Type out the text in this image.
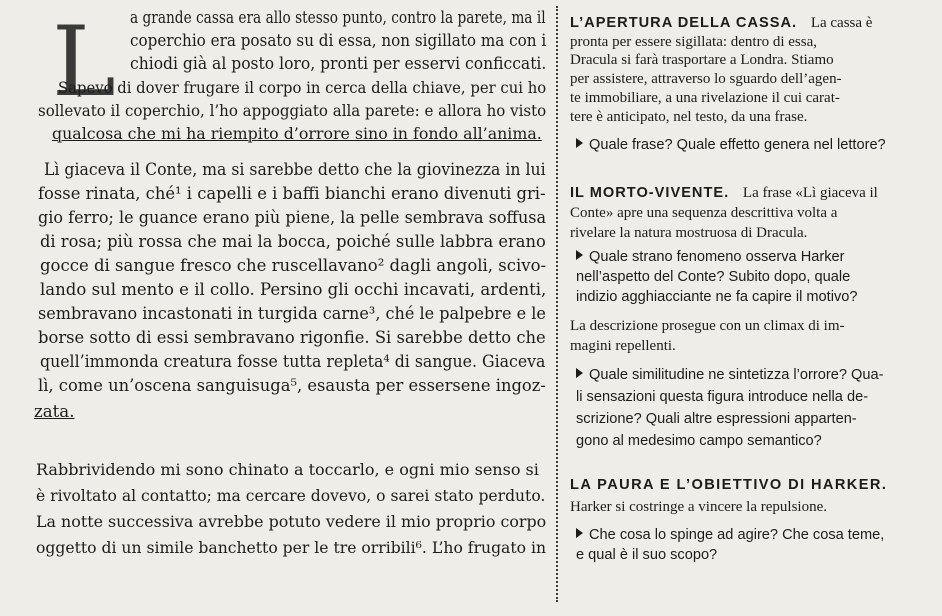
L a grande cassa era allo stesso punto, contro la parete, ma il
coperchio era posato su di essa, non sigillato ma con i
chiodi già al posto loro, pronti per esservi conficcati.
Sapevo di dover frugare il corpo in cerca della chiave, per cui ho
sollevato il coperchio, l’ho appoggiato alla parete: e allora ho visto
qualcosa che mi ha riempito d’orrore sino in fondo all’anima.
Lì giaceva il Conte, ma si sarebbe detto che la giovinezza in lui
fosse rinata, ché¹ i capelli e i baffi bianchi erano divenuti gri-
gio ferro; le guance erano più piene, la pelle sembrava soffusa
di rosa; più rossa che mai la bocca, poiché sulle labbra erano
gocce di sangue fresco che ruscellavano² dagli angoli, scivo-
lando sul mento e il collo. Persino gli occhi incavati, ardenti,
sembravano incastonati in turgida carne³, ché le palpebre e le
borse sotto di essi sembravano rigonfie. Si sarebbe detto che
quell’immonda creatura fosse tutta repleta⁴ di sangue. Giaceva
lì, come un’oscena sanguisuga⁵, esausta per essersene ingoz-
zata.
Rabbrividendo mi sono chinato a toccarlo, e ogni mio senso si
è rivoltato al contatto; ma cercare dovevo, o sarei stato perduto.
La notte successiva avrebbe potuto vedere il mio proprio corpo
oggetto di un simile banchetto per le tre orribili⁶. L’ho frugato in
L’APERTURA DELLA CASSA. La cassa è
pronta per essere sigillata: dentro di essa,
Dracula si farà trasportare a Londra. Stiamo
per assistere, attraverso lo sguardo dell’agen-
te immobiliare, a una rivelazione il cui carat-
tere è anticipato, nel testo, da una frase.
Quale frase? Quale effetto genera nel lettore?
IL MORTO-VIVENTE. La frase «Lì giaceva il
Conte» apre una sequenza descrittiva volta a
rivelare la natura mostruosa di Dracula.
Quale strano fenomeno osserva Harker
nell’aspetto del Conte? Subito dopo, quale
indizio agghiacciante ne fa capire il motivo?
La descrizione prosegue con un climax di im-
magini repellenti.
Quale similitudine ne sintetizza l’orrore? Qua-
li sensazioni questa figura introduce nella de-
scrizione? Quali altre espressioni apparten-
gono al medesimo campo semantico?
LA PAURA E L’OBIETTIVO DI HARKER.
Harker si costringe a vincere la repulsione.
Che cosa lo spinge ad agire? Che cosa teme,
e qual è il suo scopo?
